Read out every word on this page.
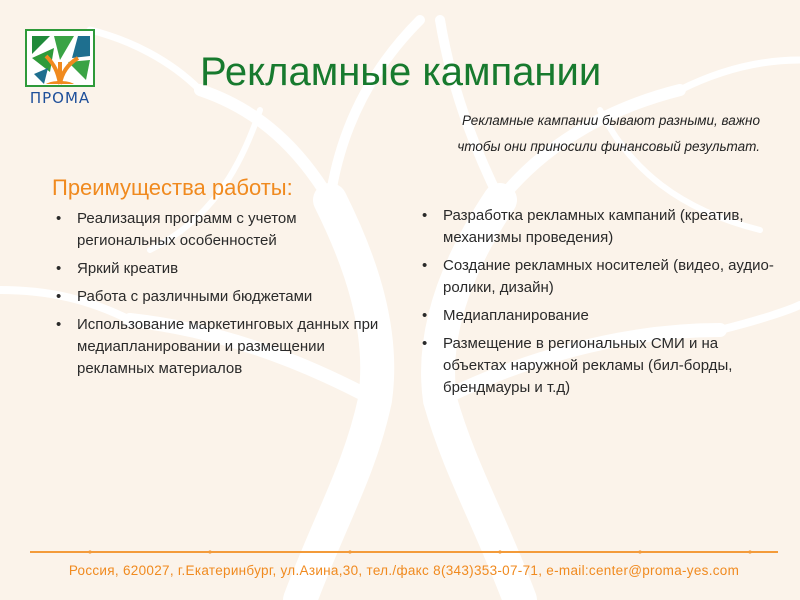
ПРОМА
Рекламные кампании
Рекламные кампании бывают разными, важно
чтобы они приносили финансовый результат.
Преимущества работы:
• Реализация программ с учетом региональных особенностей
• Яркий креатив
• Работа с различными бюджетами
• Использование маркетинговых данных при медиапланировании и размещении рекламных материалов
• Разработка рекламных кампаний (креатив, механизмы проведения)
• Создание рекламных носителей (видео, аудио-ролики, дизайн)
• Медиапланирование
• Размещение в региональных СМИ и на объектах наружной рекламы (бил-борды, брендмауры и т.д)
Россия, 620027, г.Екатеринбург, ул.Азина,30, тел./факс 8(343)353-07-71, e-mail:center@proma-yes.com
